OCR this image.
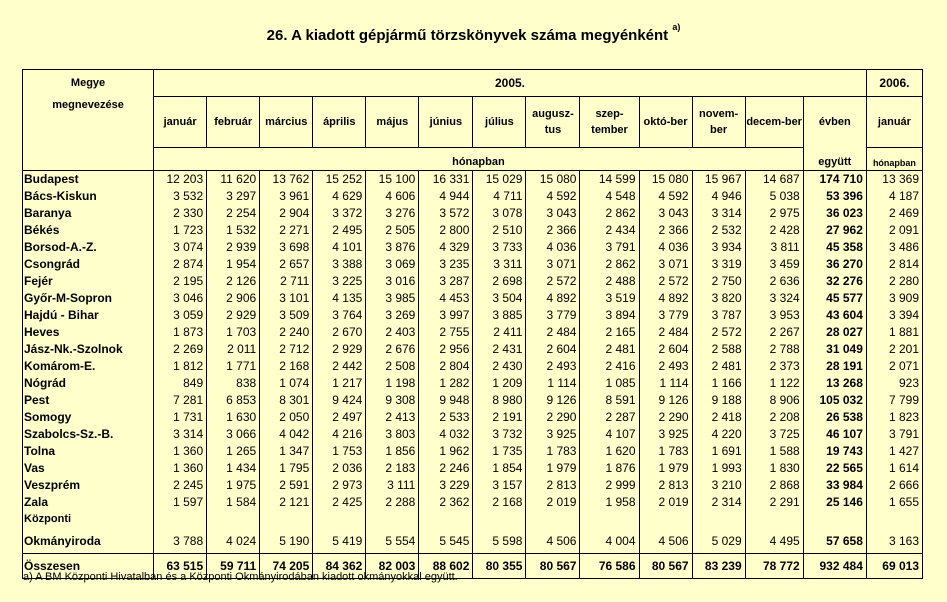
26. A kiadott gépjármű törzskönyvek száma megyénként $^{a)}$
Megye
megnevezése	2005.													2006.
	január	február	március	április	május	június	július	augusz-tus	szep-tember	októ-ber	novem-ber	decem-ber	évben	január
	hónapban												együtt	hónapban
Budapest	12 203	11 620	13 762	15 252	15 100	16 331	15 029	15 080	14 599	15 080	15 967	14 687	174 710	13 369
Bács-Kiskun	3 532	3 297	3 961	4 629	4 606	4 944	4 711	4 592	4 548	4 592	4 946	5 038	53 396	4 187
Baranya	2 330	2 254	2 904	3 372	3 276	3 572	3 078	3 043	2 862	3 043	3 314	2 975	36 023	2 469
Békés	1 723	1 532	2 271	2 495	2 505	2 800	2 510	2 366	2 434	2 366	2 532	2 428	27 962	2 091
Borsod-A.-Z.	3 074	2 939	3 698	4 101	3 876	4 329	3 733	4 036	3 791	4 036	3 934	3 811	45 358	3 486
Csongrád	2 874	1 954	2 657	3 388	3 069	3 235	3 311	3 071	2 862	3 071	3 319	3 459	36 270	2 814
Fejér	2 195	2 126	2 711	3 225	3 016	3 287	2 698	2 572	2 488	2 572	2 750	2 636	32 276	2 280
Győr-M-Sopron	3 046	2 906	3 101	4 135	3 985	4 453	3 504	4 892	3 519	4 892	3 820	3 324	45 577	3 909
Hajdú - Bihar	3 059	2 929	3 509	3 764	3 269	3 997	3 885	3 779	3 894	3 779	3 787	3 953	43 604	3 394
Heves	1 873	1 703	2 240	2 670	2 403	2 755	2 411	2 484	2 165	2 484	2 572	2 267	28 027	1 881
Jász-Nk.-Szolnok	2 269	2 011	2 712	2 929	2 676	2 956	2 431	2 604	2 481	2 604	2 588	2 788	31 049	2 201
Komárom-E.	1 812	1 771	2 168	2 442	2 508	2 804	2 430	2 493	2 416	2 493	2 481	2 373	28 191	2 071
Nógrád	849	838	1 074	1 217	1 198	1 282	1 209	1 114	1 085	1 114	1 166	1 122	13 268	923
Pest	7 281	6 853	8 301	9 424	9 308	9 948	8 980	9 126	8 591	9 126	9 188	8 906	105 032	7 799
Somogy	1 731	1 630	2 050	2 497	2 413	2 533	2 191	2 290	2 287	2 290	2 418	2 208	26 538	1 823
Szabolcs-Sz.-B.	3 314	3 066	4 042	4 216	3 803	4 032	3 732	3 925	4 107	3 925	4 220	3 725	46 107	3 791
Tolna	1 360	1 265	1 347	1 753	1 856	1 962	1 735	1 783	1 620	1 783	1 691	1 588	19 743	1 427
Vas	1 360	1 434	1 795	2 036	2 183	2 246	1 854	1 979	1 876	1 979	1 993	1 830	22 565	1 614
Veszprém	2 245	1 975	2 591	2 973	3 111	3 229	3 157	2 813	2 999	2 813	3 210	2 868	33 984	2 666
Zala	1 597	1 584	2 121	2 425	2 288	2 362	2 168	2 019	1 958	2 019	2 314	2 291	25 146	1 655
Központi														
Okmányiroda	3 788	4 024	5 190	5 419	5 554	5 545	5 598	4 506	4 004	4 506	5 029	4 495	57 658	3 163
Összesen	63 515	59 711	74 205	84 362	82 003	88 602	80 355	80 567	76 586	80 567	83 239	78 772	932 484	69 013
a) A BM Központi Hivatalban és a Központi Okmányirodában kiadott okmányokkal együtt.
